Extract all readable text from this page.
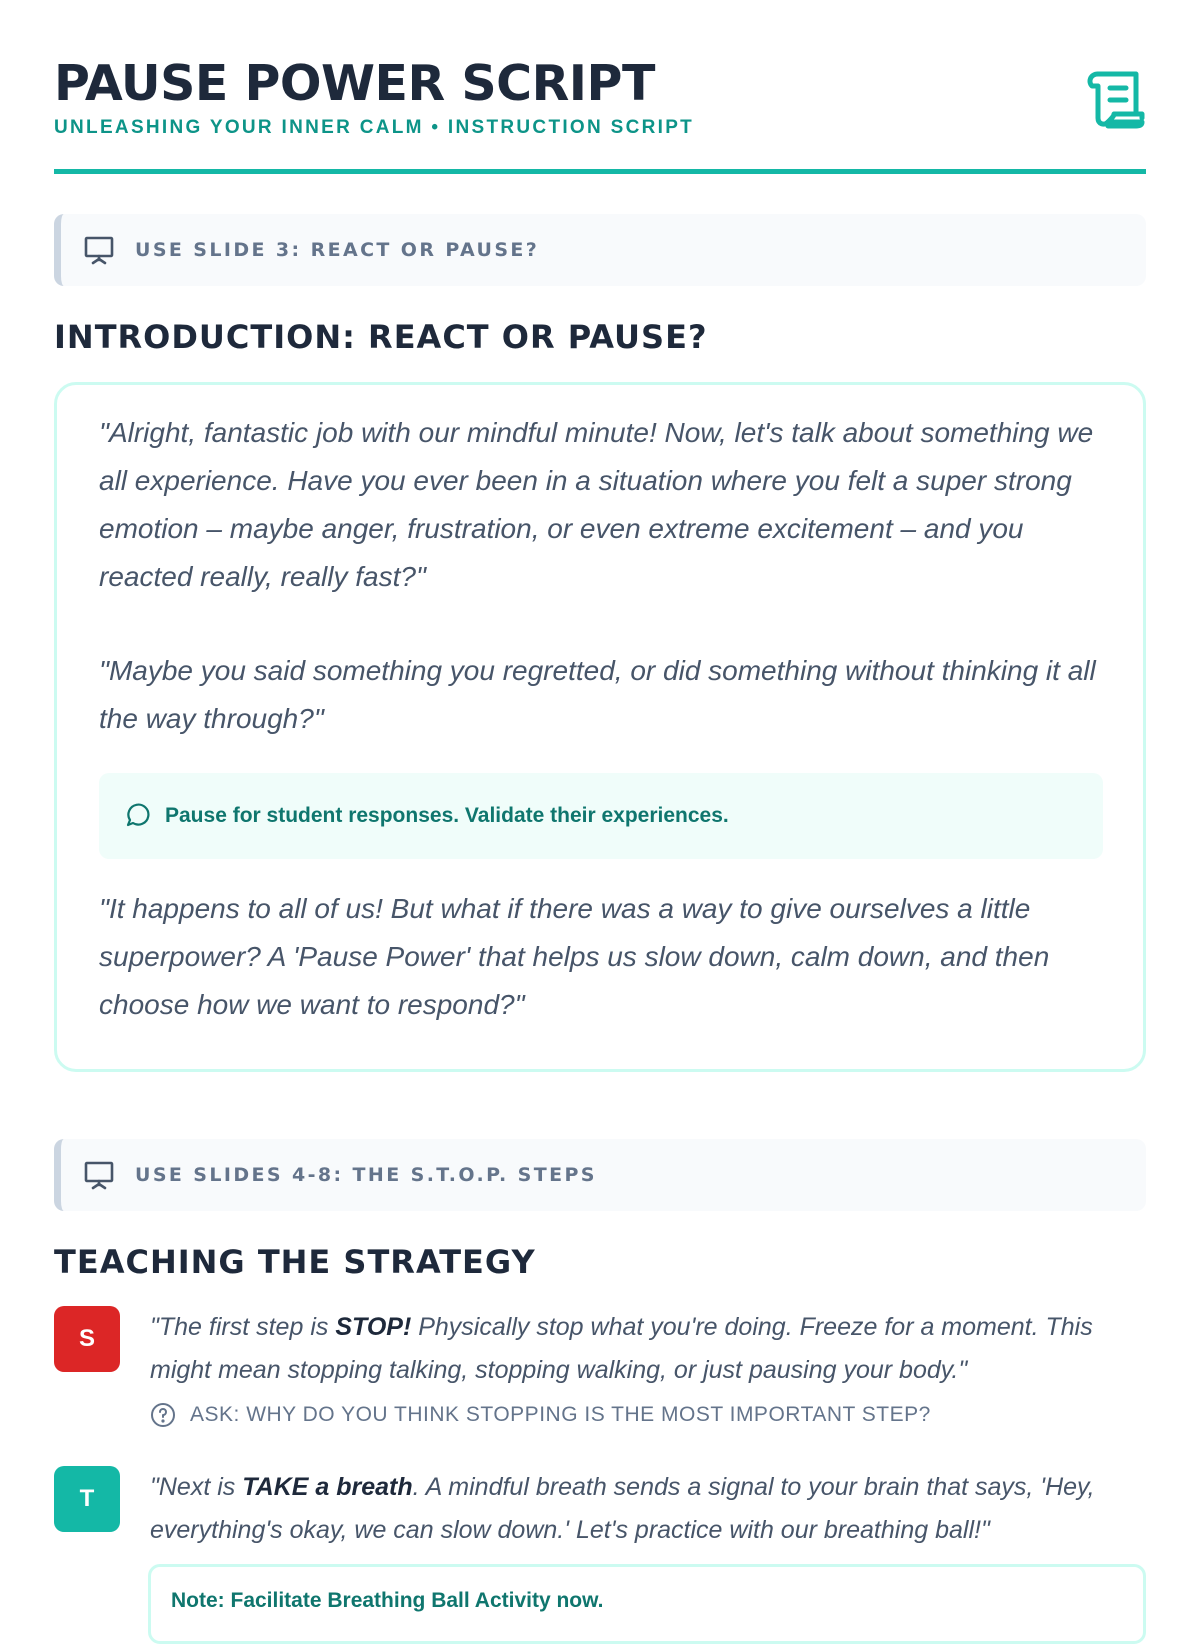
PAUSE POWER SCRIPT
UNLEASHING YOUR INNER CALM • INSTRUCTION SCRIPT
USE SLIDE 3: REACT OR PAUSE?
INTRODUCTION: REACT OR PAUSE?

"Alright, fantastic job with our mindful minute! Now, let's talk about something we all experience. Have you ever been in a situation where you felt a super strong emotion – maybe anger, frustration, or even extreme excitement – and you reacted really, really fast?"

"Maybe you said something you regretted, or did something without thinking it all the way through?"

Pause for student responses. Validate their experiences.

"It happens to all of us! But what if there was a way to give ourselves a little superpower? A 'Pause Power' that helps us slow down, calm down, and then choose how we want to respond?"

USE SLIDES 4-8: THE S.T.O.P. STEPS
TEACHING THE STRATEGY
S	"The first step is STOP! Physically stop what you're doing. Freeze for a moment. This might mean stopping talking, stopping walking, or just pausing your body."

ASK: WHY DO YOU THINK STOPPING IS THE MOST IMPORTANT STEP?
T	"Next is TAKE a breath. A mindful breath sends a signal to your brain that says, 'Hey, everything's okay, we can slow down.' Let's practice with our breathing ball!"

Note: Facilitate Breathing Ball Activity now.
